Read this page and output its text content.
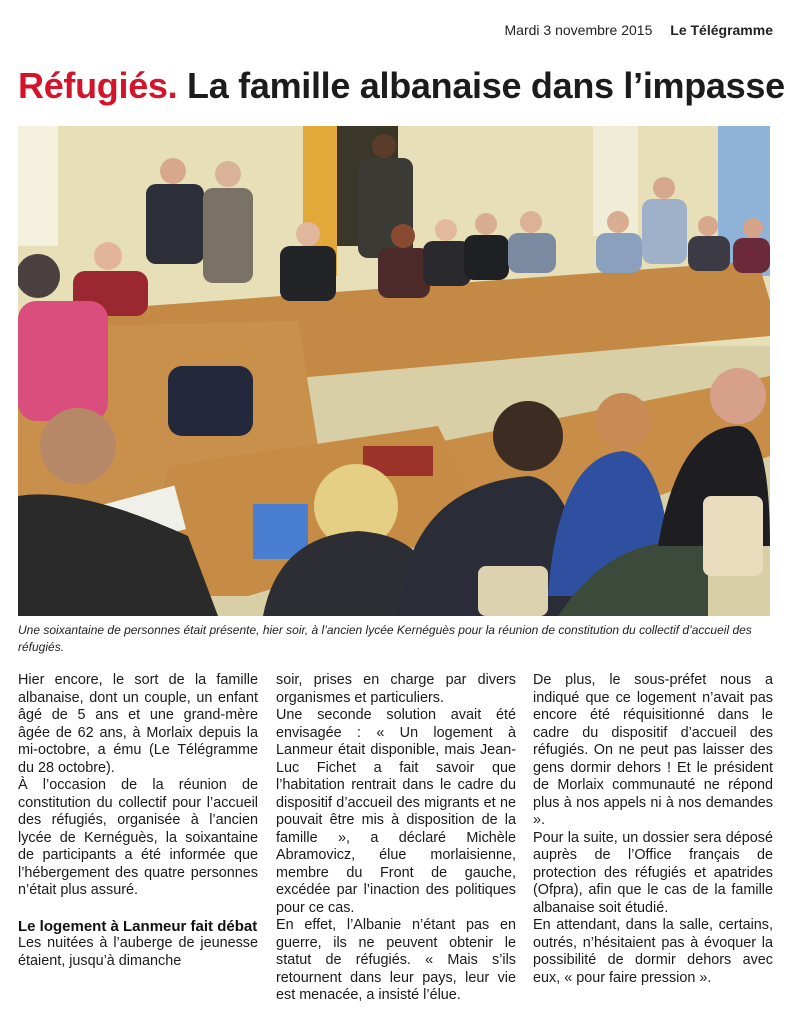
Mardi 3 novembre 2015 Le Télégramme
Réfugiés. La famille albanaise dans l’impasse

Une soixantaine de personnes était présente, hier soir, à l’ancien lycée Kernéguès pour la réunion de constitution du collectif d’accueil des réfugiés.

Hier encore, le sort de la famille albanaise, dont un couple, un enfant âgé de 5 ans et une grand-mère âgée de 62 ans, à Morlaix depuis la mi-octobre, a ému (Le Télégramme du 28 octobre).

À l’occasion de la réunion de constitution du collectif pour l’accueil des réfugiés, organisée à l’ancien lycée de Kernéguès, la soixantaine de participants a été informée que l’hébergement des quatre personnes n’était plus assuré.

Le logement à Lanmeur fait débat

Les nuitées à l’auberge de jeunesse étaient, jusqu’à dimanche

soir, prises en charge par divers organismes et particuliers.

Une seconde solution avait été envisagée : « Un logement à Lanmeur était disponible, mais Jean-Luc Fichet a fait savoir que l’habitation rentrait dans le cadre du dispositif d’accueil des migrants et ne pouvait être mis à disposition de la famille », a déclaré Michèle Abramovicz, élue morlaisienne, membre du Front de gauche, excédée par l’inaction des politiques pour ce cas.

En effet, l’Albanie n’étant pas en guerre, ils ne peuvent obtenir le statut de réfugiés. « Mais s’ils retournent dans leur pays, leur vie est menacée, a insisté l’élue.

De plus, le sous-préfet nous a indiqué que ce logement n’avait pas encore été réquisitionné dans le cadre du dispositif d’accueil des réfugiés. On ne peut pas laisser des gens dormir dehors ! Et le président de Morlaix communauté ne répond plus à nos appels ni à nos demandes ».

Pour la suite, un dossier sera déposé auprès de l’Office français de protection des réfugiés et apatrides (Ofpra), afin que le cas de la famille albanaise soit étudié.

En attendant, dans la salle, certains, outrés, n’hésitaient pas à évoquer la possibilité de dormir dehors avec eux, « pour faire pression ».
